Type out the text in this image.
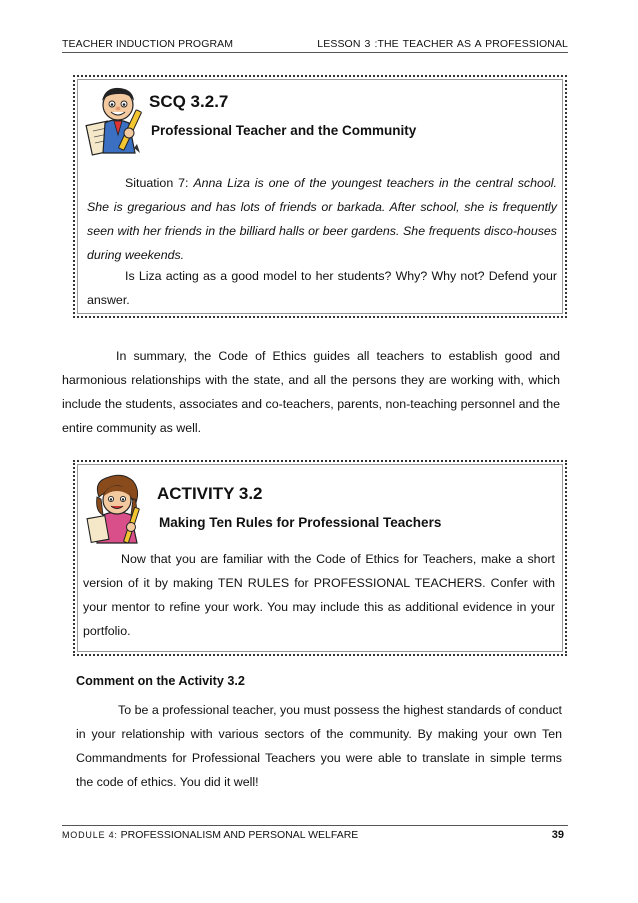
TEACHER INDUCTION PROGRAM	LESSON 3 :THE TEACHER AS A PROFESSIONAL
SCQ 3.2.7
Professional Teacher and the Community

Situation 7: Anna Liza is one of the youngest teachers in the central school. She is gregarious and has lots of friends or barkada. After school, she is frequently seen with her friends in the billiard halls or beer gardens. She frequents disco-houses during weekends.

Is Liza acting as a good model to her students? Why? Why not? Defend your answer.

In summary, the Code of Ethics guides all teachers to establish good and harmonious relationships with the state, and all the persons they are working with, which include the students, associates and co-teachers, parents, non-teaching personnel and the entire community as well.

ACTIVITY 3.2
Making Ten Rules for Professional Teachers

Now that you are familiar with the Code of Ethics for Teachers, make a short version of it by making TEN RULES for PROFESSIONAL TEACHERS. Confer with your mentor to refine your work. You may include this as additional evidence in your portfolio.

Comment on the Activity 3.2

To be a professional teacher, you must possess the highest standards of conduct in your relationship with various sectors of the community. By making your own Ten Commandments for Professional Teachers you were able to translate in simple terms the code of ethics. You did it well!

MODULE 4: PROFESSIONALISM AND PERSONAL WELFARE	39
